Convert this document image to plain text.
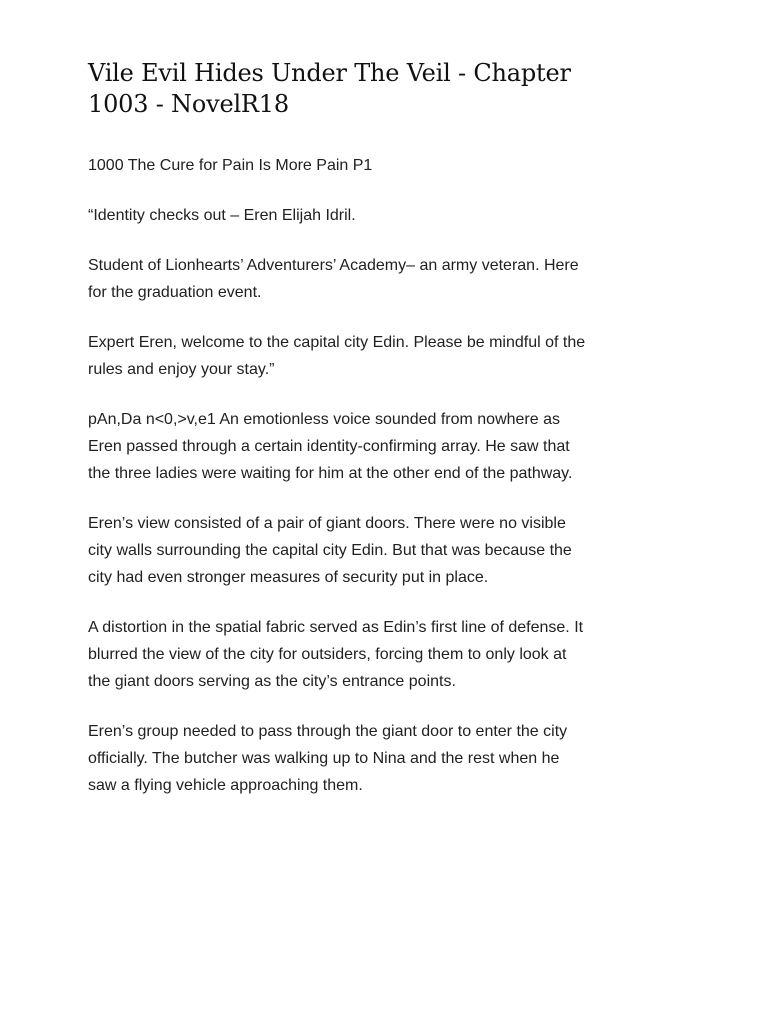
Vile Evil Hides Under The Veil - Chapter 1003 - NovelR18

1000 The Cure for Pain Is More Pain P1

“Identity checks out – Eren Elijah Idril.

Student of Lionhearts’ Adventurers’ Academy– an army veteran. Here for the graduation event.

Expert Eren, welcome to the capital city Edin. Please be mindful of the rules and enjoy your stay.”

pAn,Da n<0,>v,e1 An emotionless voice sounded from nowhere as Eren passed through a certain identity-confirming array. He saw that the three ladies were waiting for him at the other end of the pathway.

Eren’s view consisted of a pair of giant doors. There were no visible city walls surrounding the capital city Edin. But that was because the city had even stronger measures of security put in place.

A distortion in the spatial fabric served as Edin’s first line of defense. It blurred the view of the city for outsiders, forcing them to only look at the giant doors serving as the city’s entrance points.

Eren’s group needed to pass through the giant door to enter the city officially. The butcher was walking up to Nina and the rest when he saw a flying vehicle approaching them.
